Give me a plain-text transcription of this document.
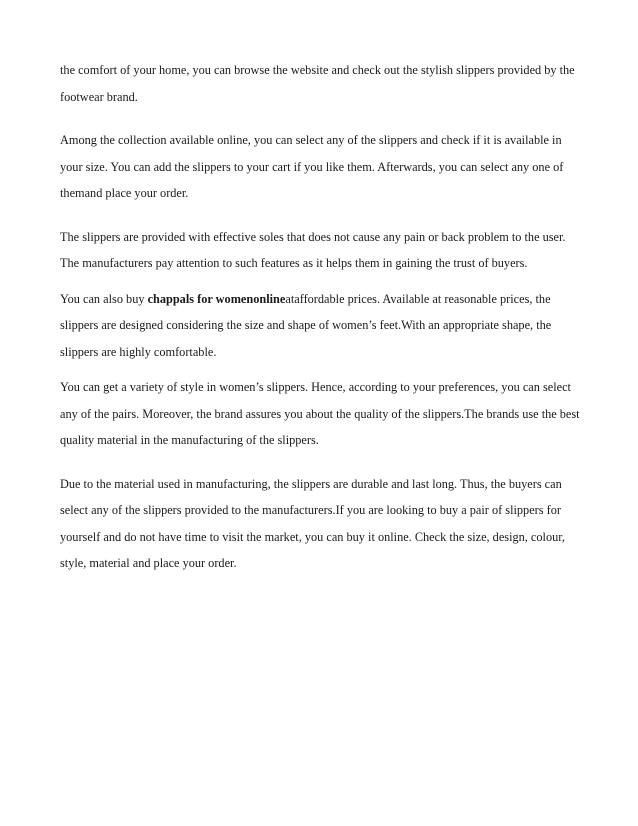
the comfort of your home, you can browse the website and check out the stylish slippers provided by the footwear brand.

Among the collection available online, you can select any of the slippers and check if it is available in your size. You can add the slippers to your cart if you like them. Afterwards, you can select any one of themand place your order.

The slippers are provided with effective soles that does not cause any pain or back problem to the user. The manufacturers pay attention to such features as it helps them in gaining the trust of buyers.

You can also buy chappals for womenonlineataffordable prices. Available at reasonable prices, the slippers are designed considering the size and shape of women’s feet.With an appropriate shape, the slippers are highly comfortable.

You can get a variety of style in women’s slippers. Hence, according to your preferences, you can select any of the pairs. Moreover, the brand assures you about the quality of the slippers.The brands use the best quality material in the manufacturing of the slippers.

Due to the material used in manufacturing, the slippers are durable and last long. Thus, the buyers can select any of the slippers provided to the manufacturers.If you are looking to buy a pair of slippers for yourself and do not have time to visit the market, you can buy it online. Check the size, design, colour, style, material and place your order.
